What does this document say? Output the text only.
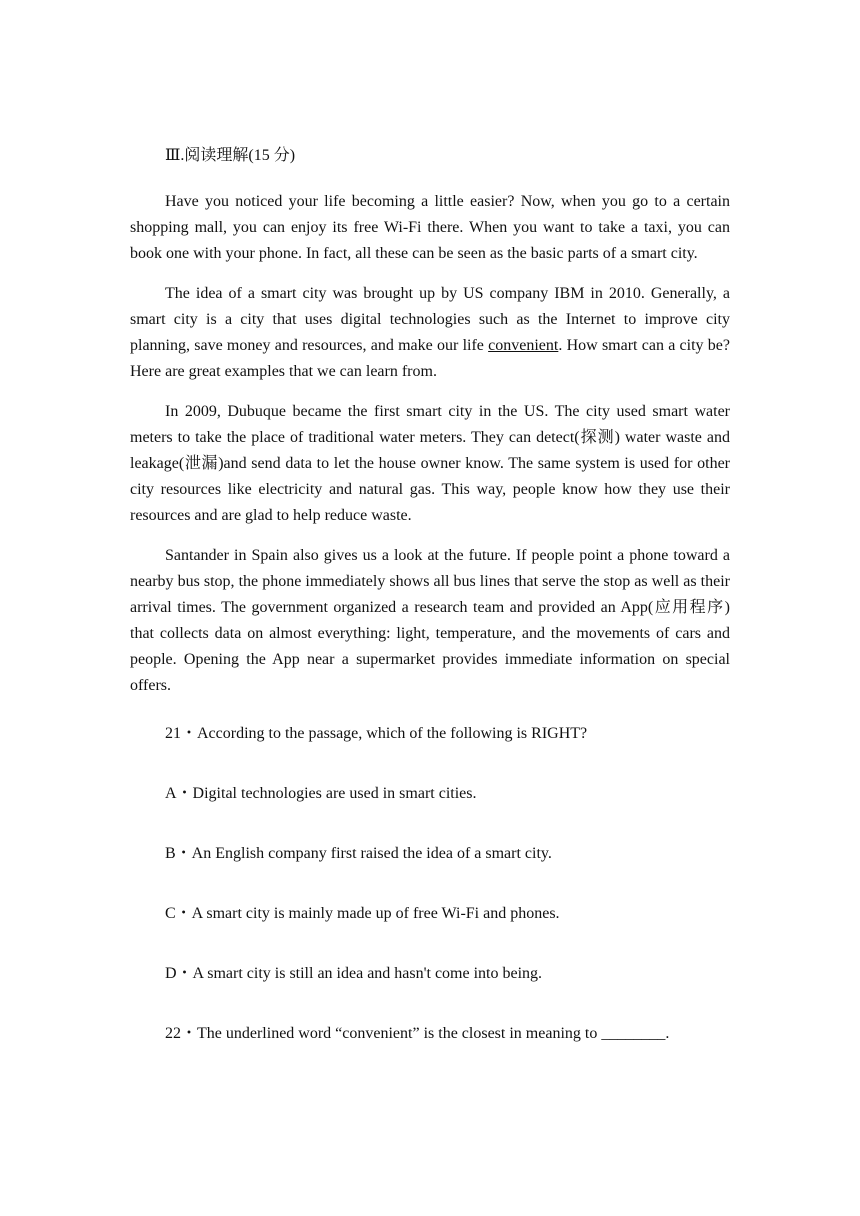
Ⅲ.阅读理解(15 分)

Have you noticed your life becoming a little easier? Now, when you go to a certain shopping mall, you can enjoy its free Wi-Fi there. When you want to take a taxi, you can book one with your phone. In fact, all these can be seen as the basic parts of a smart city.

The idea of a smart city was brought up by US company IBM in 2010. Generally, a smart city is a city that uses digital technologies such as the Internet to improve city planning, save money and resources, and make our life convenient. How smart can a city be? Here are great examples that we can learn from.

In 2009, Dubuque became the first smart city in the US. The city used smart water meters to take the place of traditional water meters. They can detect(探测) water waste and leakage(泄漏)and send data to let the house owner know. The same system is used for other city resources like electricity and natural gas. This way, people know how they use their resources and are glad to help reduce waste.

Santander in Spain also gives us a look at the future. If people point a phone toward a nearby bus stop, the phone immediately shows all bus lines that serve the stop as well as their arrival times. The government organized a research team and provided an App(应用程序) that collects data on almost everything: light, temperature, and the movements of cars and people. Opening the App near a supermarket provides immediate information on special offers.

21・According to the passage, which of the following is RIGHT?
A・Digital technologies are used in smart cities.
B・An English company first raised the idea of a smart city.
C・A smart city is mainly made up of free Wi-Fi and phones.
D・A smart city is still an idea and hasn't come into being.
22・The underlined word “convenient” is the closest in meaning to ________.
